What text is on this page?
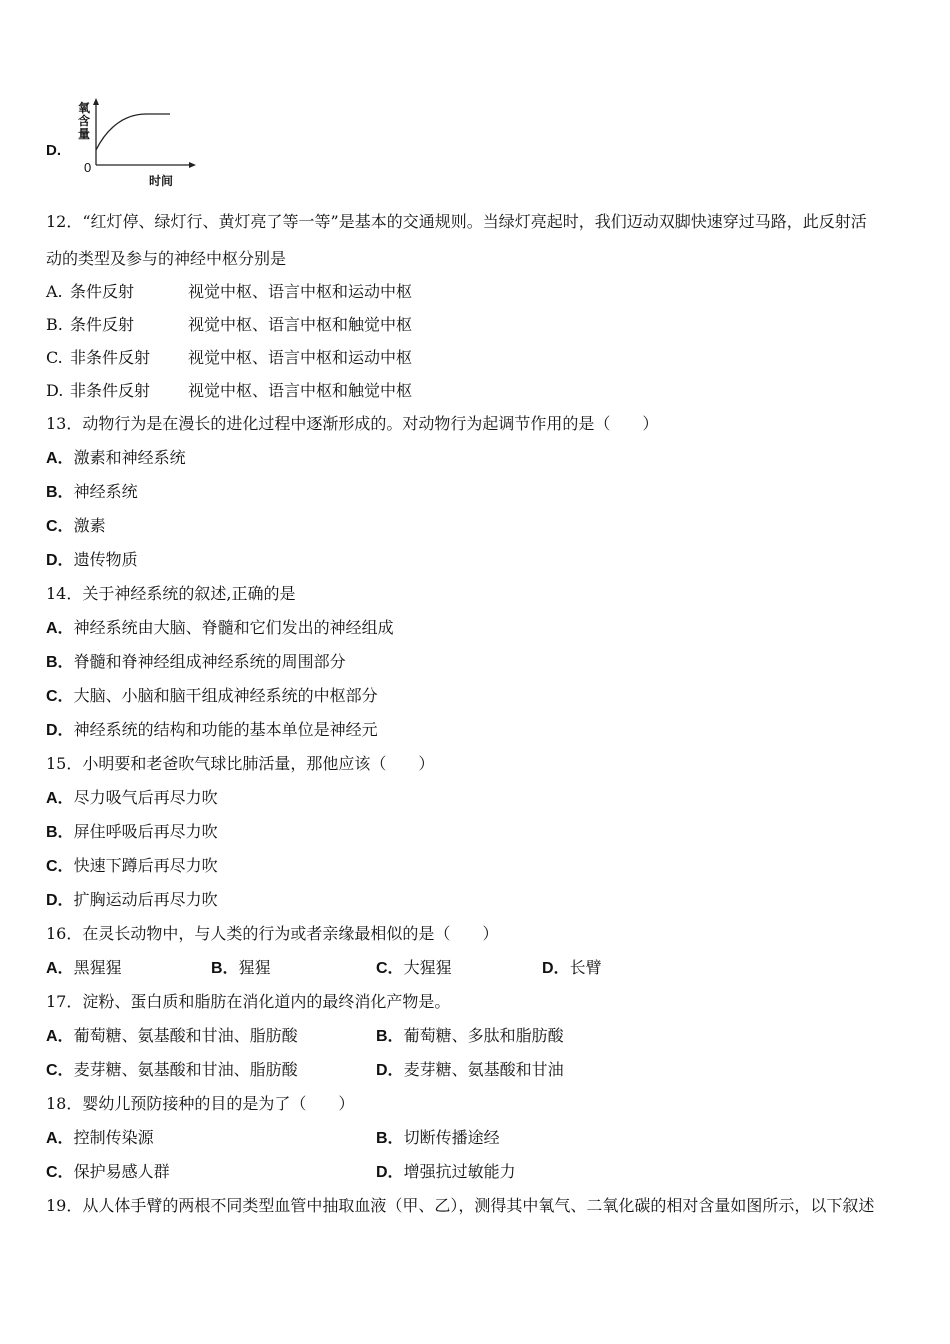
D.
氧含量
0
时间
12．“红灯停、绿灯行、黄灯亮了等一等”是基本的交通规则。当绿灯亮起时，我们迈动双脚快速穿过马路，此反射活
动的类型及参与的神经中枢分别是
A. 条件反射	视觉中枢、语言中枢和运动中枢
B. 条件反射	视觉中枢、语言中枢和触觉中枢
C. 非条件反射 视觉中枢、语言中枢和运动中枢
D. 非条件反射 视觉中枢、语言中枢和触觉中枢
13．动物行为是在漫长的进化过程中逐渐形成的。对动物行为起调节作用的是（　　）
A．激素和神经系统
B．神经系统
C．激素
D．遗传物质
14．关于神经系统的叙述,正确的是
A．神经系统由大脑、脊髓和它们发出的神经组成
B．脊髓和脊神经组成神经系统的周围部分
C．大脑、小脑和脑干组成神经系统的中枢部分
D．神经系统的结构和功能的基本单位是神经元
15．小明要和老爸吹气球比肺活量，那他应该（　　）
A．尽力吸气后再尽力吹
B．屏住呼吸后再尽力吹
C．快速下蹲后再尽力吹
D．扩胸运动后再尽力吹
16．在灵长动物中，与人类的行为或者亲缘最相似的是（　　）
A．黑猩猩	B．猩猩	C．大猩猩	D．长臂
17．淀粉、蛋白质和脂肪在消化道内的最终消化产物是。
A．葡萄糖、氨基酸和甘油、脂肪酸	B．葡萄糖、多肽和脂肪酸
C．麦芽糖、氨基酸和甘油、脂肪酸	D．麦芽糖、氨基酸和甘油
18．婴幼儿预防接种的目的是为了（　　）
A．控制传染源	B．切断传播途经
C．保护易感人群	D．增强抗过敏能力
19．从人体手臂的两根不同类型血管中抽取血液（甲、乙），测得其中氧气、二氧化碳的相对含量如图所示，以下叙述
